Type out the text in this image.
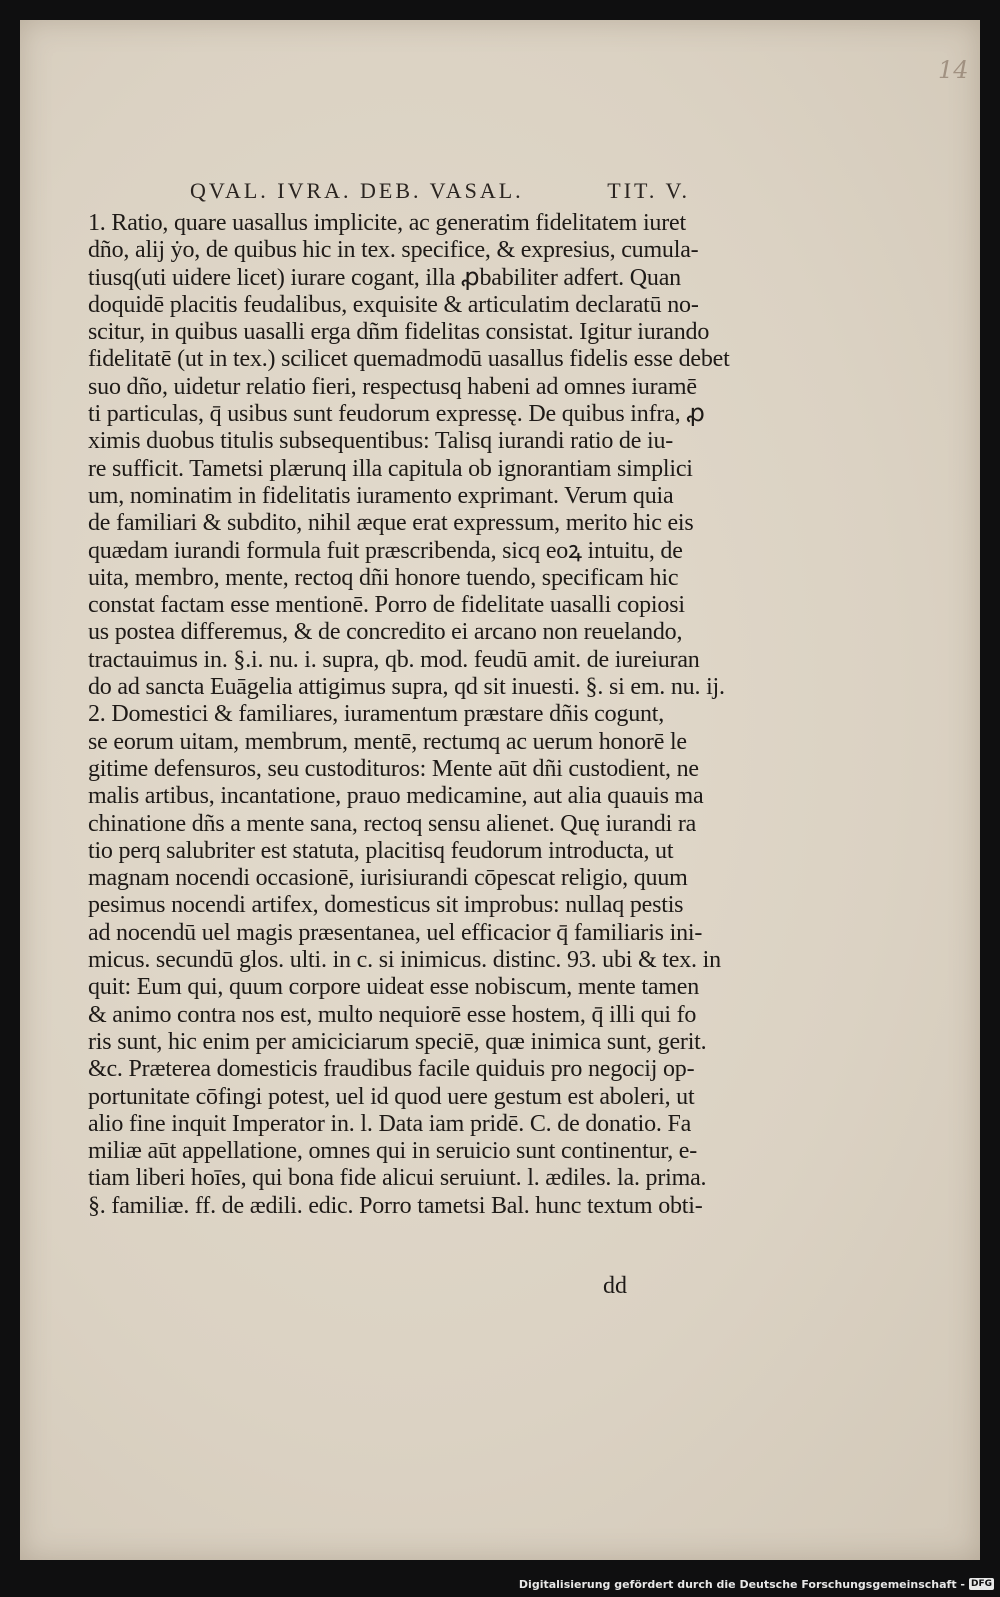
14
QVAL. IVRA. DEB. VASAL.	TIT. V.
1. Ratio, quare uasallus implicite, ac generatim fidelitatem iuret
dño, alij ẏo, de quibus hic in tex. specifice, & expresius, cumula-
tiusq(uti uidere licet) iurare cogant, illa ꝓbabiliter adfert. Quan
doquidē placitis feudalibus, exquisite & articulatim declaratū no-
scitur, in quibus uasalli erga dñm fidelitas consistat. Igitur iurando
fidelitatē (ut in tex.) scilicet quemadmodū uasallus fidelis esse debet
suo dño, uidetur relatio fieri, respectusq habeni ad omnes iuramē
ti particulas, q̄ usibus sunt feudorum expressę. De quibus infra, ꝓ
ximis duobus titulis subsequentibus: Talisq iurandi ratio de iu-
re sufficit. Tametsi plærunq illa capitula ob ignorantiam simplici
um, nominatim in fidelitatis iuramento exprimant. Verum quia
de familiari & subdito, nihil æque erat expressum, merito hic eis
quædam iurandi formula fuit præscribenda, sicq eoꝝ intuitu, de
uita, membro, mente, rectoq dñi honore tuendo, specificam hic
constat factam esse mentionē. Porro de fidelitate uasalli copiosi
us postea differemus, & de concredito ei arcano non reuelando,
tractauimus in. §.i. nu. i. supra, qb. mod. feudū amit. de iureiuran
do ad sancta Euāgelia attigimus supra, qd sit inuesti. §. si em. nu. ij.
2. Domestici & familiares, iuramentum præstare dñis cogunt,
se eorum uitam, membrum, mentē, rectumq ac uerum honorē le
gitime defensuros, seu custodituros: Mente aūt dñi custodient, ne
malis artibus, incantatione, prauo medicamine, aut alia quauis ma
chinatione dñs a mente sana, rectoq sensu alienet. Quę iurandi ra
tio perq salubriter est statuta, placitisq feudorum introducta, ut
magnam nocendi occasionē, iurisiurandi cōpescat religio, quum
pesimus nocendi artifex, domesticus sit improbus: nullaq pestis
ad nocendū uel magis præsentanea, uel efficacior q̄ familiaris ini-
micus. secundū glos. ulti. in c. si inimicus. distinc. 93. ubi & tex. in
quit: Eum qui, quum corpore uideat esse nobiscum, mente tamen
& animo contra nos est, multo nequiorē esse hostem, q̄ illi qui fo
ris sunt, hic enim per amiciciarum speciē, quæ inimica sunt, gerit.
&c. Præterea domesticis fraudibus facile quiduis pro negocij op-
portunitate cōfingi potest, uel id quod uere gestum est aboleri, ut
alio fine inquit Imperator in. l. Data iam pridē. C. de donatio. Fa
miliæ aūt appellatione, omnes qui in seruicio sunt continentur, e-
tiam liberi hoīes, qui bona fide alicui seruiunt. l. ædiles. la. prima.
§. familiæ. ff. de ædili. edic. Porro tametsi Bal. hunc textum obti-
dd
Digitalisierung gefördert durch die Deutsche Forschungsgemeinschaft - DFG
